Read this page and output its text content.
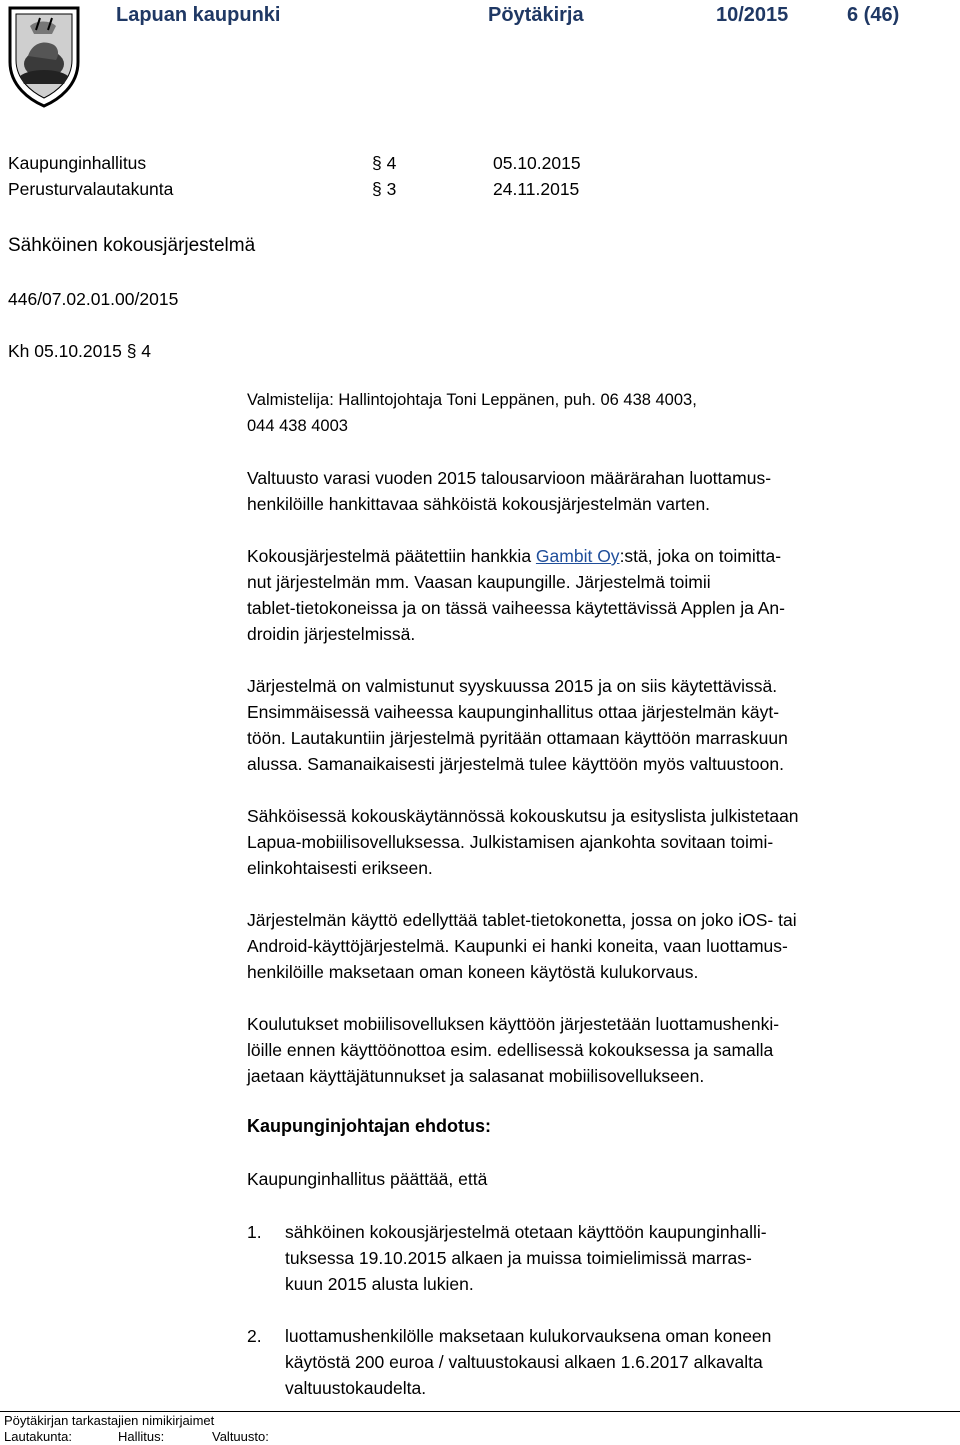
Lapuan kaupunki	Pöytäkirja	10/2015	6 (46)
Kaupunginhallitus	§ 4	05.10.2015
Perusturvalautakunta	§ 3	24.11.2015
Sähköinen kokousjärjestelmä
446/07.02.01.00/2015
Kh 05.10.2015 § 4
Valmistelija: Hallintojohtaja Toni Leppänen, puh. 06 438 4003,
044 438 4003
Valtuusto varasi vuoden 2015 talousarvioon määrärahan luottamus-
henkilöille hankittavaa sähköistä kokousjärjestelmän varten.
Kokousjärjestelmä päätettiin hankkia Gambit Oy:stä, joka on toimitta-
nut järjestelmän mm. Vaasan kaupungille. Järjestelmä toimii
tablet-tietokoneissa ja on tässä vaiheessa käytettävissä Applen ja An-
droidin järjestelmissä.
Järjestelmä on valmistunut syyskuussa 2015 ja on siis käytettävissä.
Ensimmäisessä vaiheessa kaupunginhallitus ottaa järjestelmän käyt-
töön. Lautakuntiin järjestelmä pyritään ottamaan käyttöön marraskuun
alussa. Samanaikaisesti järjestelmä tulee käyttöön myös valtuustoon.
Sähköisessä kokouskäytännössä kokouskutsu ja esityslista julkistetaan
Lapua-mobiilisovelluksessa. Julkistamisen ajankohta sovitaan toimi-
elinkohtaisesti erikseen.
Järjestelmän käyttö edellyttää tablet-tietokonetta, jossa on joko iOS- tai
Android-käyttöjärjestelmä. Kaupunki ei hanki koneita, vaan luottamus-
henkilöille maksetaan oman koneen käytöstä kulukorvaus.
Koulutukset mobiilisovelluksen käyttöön järjestetään luottamushenki-
löille ennen käyttöönottoa esim. edellisessä kokouksessa ja samalla
jaetaan käyttäjätunnukset ja salasanat mobiilisovellukseen.
Kaupunginjohtajan ehdotus:
Kaupunginhallitus päättää, että
1. sähköinen kokousjärjestelmä otetaan käyttöön kaupunginhalli-
tuksessa 19.10.2015 alkaen ja muissa toimielimissä marras-
kuun 2015 alusta lukien.
2. luottamushenkilölle maksetaan kulukorvauksena oman koneen
käytöstä 200 euroa / valtuustokausi alkaen 1.6.2017 alkavalta
valtuustokaudelta.
Pöytäkirjan tarkastajien nimikirjaimet
Lautakunta:	Hallitus:	Valtuusto:
